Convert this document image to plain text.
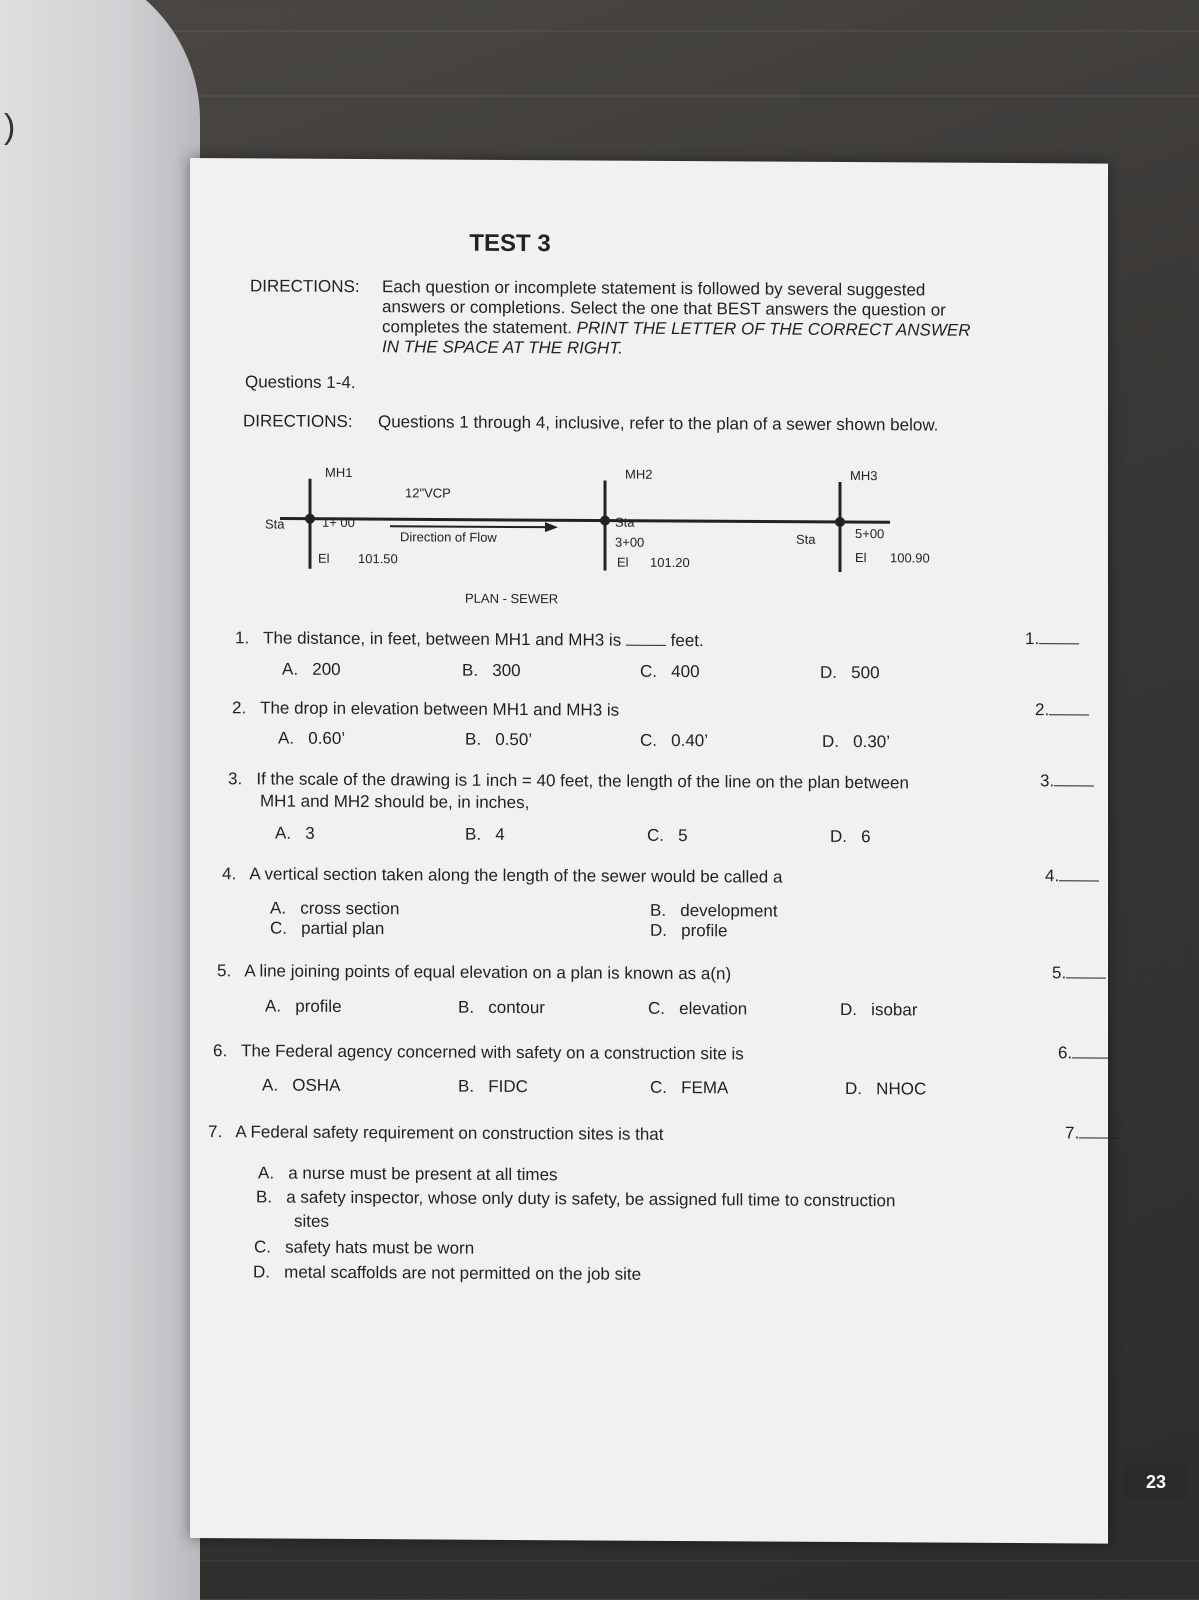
)
TEST 3
DIRECTIONS: Each question or incomplete statement is followed by several suggested
answers or completions. Select the one that BEST answers the question or
completes the statement. PRINT THE LETTER OF THE CORRECT ANSWER
IN THE SPACE AT THE RIGHT.
Questions 1-4.
DIRECTIONS: Questions 1 through 4, inclusive, refer to the plan of a sewer shown below.
MH1
12"VCP
MH2	MH3
Sta	1+ 00
Direction of Flow
Sta
3+00	Sta	5+00
El 101.50	El 101.20	El 100.90
PLAN - SEWER
1. The distance, in feet, between MH1 and MH3 is	feet.	1.
A. 200	B. 300	C. 400	D. 500
2. The drop in elevation between MH1 and MH3 is	2.
A. 0.60’	B. 0.50’	C. 0.40’	D. 0.30’
3. If the scale of the drawing is 1 inch = 40 feet, the length of the line on the plan between
MH1 and MH2 should be, in inches,
3.
A. 3	B. 4	C. 5	D. 6
4. A vertical section taken along the length of the sewer would be called a	4.
A. cross section	B. development
C. partial plan	D. profile
5. A line joining points of equal elevation on a plan is known as a(n)	5.
A. profile	B. contour	C. elevation	D. isobar
6. The Federal agency concerned with safety on a construction site is	6.
A. OSHA	B. FIDC	C. FEMA	D. NHOC
7. A Federal safety requirement on construction sites is that	7.
A. a nurse must be present at all times
B. a safety inspector, whose only duty is safety, be assigned full time to construction
sites
C. safety hats must be worn
D. metal scaffolds are not permitted on the job site
23
